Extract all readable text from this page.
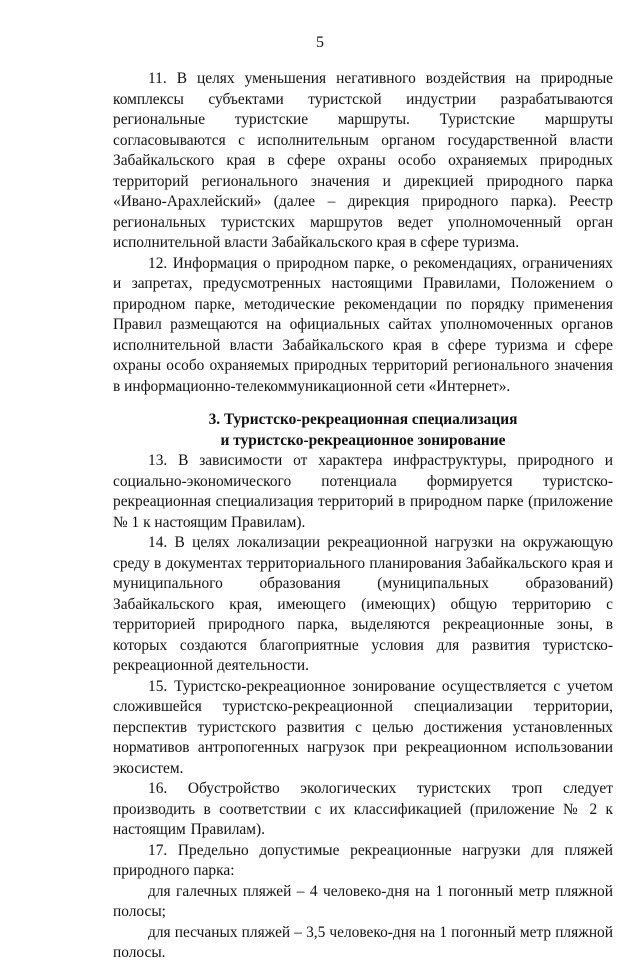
5

11. В целях уменьшения негативного воздействия на природные комплексы субъектами туристской индустрии разрабатываются региональные туристские маршруты. Туристские маршруты согласовываются с исполнительным органом государственной власти Забайкальского края в сфере охраны особо охраняемых природных территорий регионального значения и дирекцией природного парка «Ивано-Арахлейский» (далее – дирекция природного парка). Реестр региональных туристских маршрутов ведет уполномоченный орган исполнительной власти Забайкальского края в сфере туризма.

12. Информация о природном парке, о рекомендациях, ограничениях и запретах, предусмотренных настоящими Правилами, Положением о природном парке, методические рекомендации по порядку применения Правил размещаются на официальных сайтах уполномоченных органов исполнительной власти Забайкальского края в сфере туризма и сфере охраны особо охраняемых природных территорий регионального значения в информационно-телекоммуникационной сети «Интернет».

3. Туристско-рекреационная специализация
и туристско-рекреационное зонирование

13. В зависимости от характера инфраструктуры, природного и социально-экономического потенциала формируется туристско-рекреационная специализация территорий в природном парке (приложение № 1 к настоящим Правилам).

14. В целях локализации рекреационной нагрузки на окружающую среду в документах территориального планирования Забайкальского края и муниципального образования (муниципальных образований) Забайкальского края, имеющего (имеющих) общую территорию с территорией природного парка, выделяются рекреационные зоны, в которых создаются благоприятные условия для развития туристско-рекреационной деятельности.

15. Туристско-рекреационное зонирование осуществляется с учетом сложившейся туристско-рекреационной специализации территории, перспектив туристского развития с целью достижения установленных нормативов антропогенных нагрузок при рекреационном использовании экосистем.

16. Обустройство экологических туристских троп следует производить в соответствии с их классификацией (приложение № 2 к настоящим Правилам).

17. Предельно допустимые рекреационные нагрузки для пляжей природного парка:

для галечных пляжей – 4 человеко-дня на 1 погонный метр пляжной полосы;

для песчаных пляжей – 3,5 человеко-дня на 1 погонный метр пляжной полосы.
